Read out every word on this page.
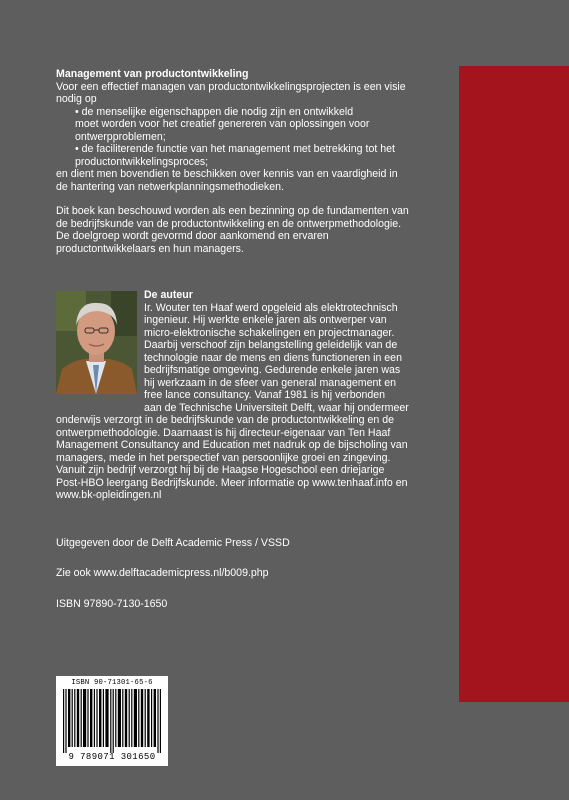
Management van productontwikkeling

Voor een effectief managen van productontwikkelingsprojecten is een visie

nodig op

• de menselijke eigenschappen die nodig zijn en ontwikkeld

moet worden voor het creatief genereren van oplossingen voor

ontwerpproblemen;

• de faciliterende functie van het management met betrekking tot het

productontwikkelingsproces;

en dient men bovendien te beschikken over kennis van en vaardigheid in

de hantering van netwerkplanningsmethodieken.

Dit boek kan beschouwd worden als een bezinning op de fundamenten van

de bedrijfskunde van de productontwikkeling en de ontwerpmethodologie.

De doelgroep wordt gevormd door aankomend en ervaren

productontwikkelaars en hun managers.

De auteur

Ir. Wouter ten Haaf werd opgeleid als elektrotechnisch

ingenieur. Hij werkte enkele jaren als ontwerper van

micro-elektronische schakelingen en projectmanager.

Daarbij verschoof zijn belangstelling geleidelijk van de

technologie naar de mens en diens functioneren in een

bedrijfsmatige omgeving. Gedurende enkele jaren was

hij werkzaam in de sfeer van general management en

free lance consultancy. Vanaf 1981 is hij verbonden

aan de Technische Universiteit Delft, waar hij ondermeer

onderwijs verzorgt in de bedrijfskunde van de productontwikkeling en de

ontwerpmethodologie. Daarnaast is hij directeur-eigenaar van Ten Haaf

Management Consultancy and Education met nadruk op de bijscholing van

managers, mede in het perspectief van persoonlijke groei en zingeving.

Vanuit zijn bedrijf verzorgt hij bij de Haagse Hogeschool een driejarige

Post-HBO leergang Bedrijfskunde. Meer informatie op www.tenhaaf.info en

www.bk-opleidingen.nl

Uitgegeven door de Delft Academic Press / VSSD

Zie ook www.delftacademicpress.nl/b009.php

ISBN 97890-7130-1650

ISBN 90-71301-65-6
9 789071 301650
